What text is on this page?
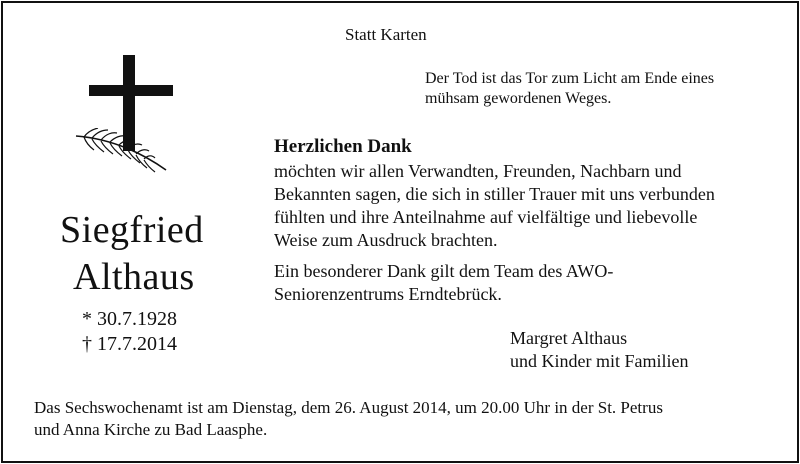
Statt Karten
Der Tod ist das Tor zum Licht am Ende eines
mühsam gewordenen Weges.
Siegfried
Althaus
* 30.7.1928
† 17.7.2014
Herzlichen Dank
möchten wir allen Verwandten, Freunden, Nachbarn und
Bekannten sagen, die sich in stiller Trauer mit uns verbunden
fühlten und ihre Anteilnahme auf vielfältige und liebevolle
Weise zum Ausdruck brachten.
Ein besonderer Dank gilt dem Team des AWO-
Seniorenzentrums Erndtebrück.
Margret Althaus
und Kinder mit Familien
Das Sechswochenamt ist am Dienstag, dem 26. August 2014, um 20.00 Uhr in der St. Petrus
und Anna Kirche zu Bad Laasphe.
